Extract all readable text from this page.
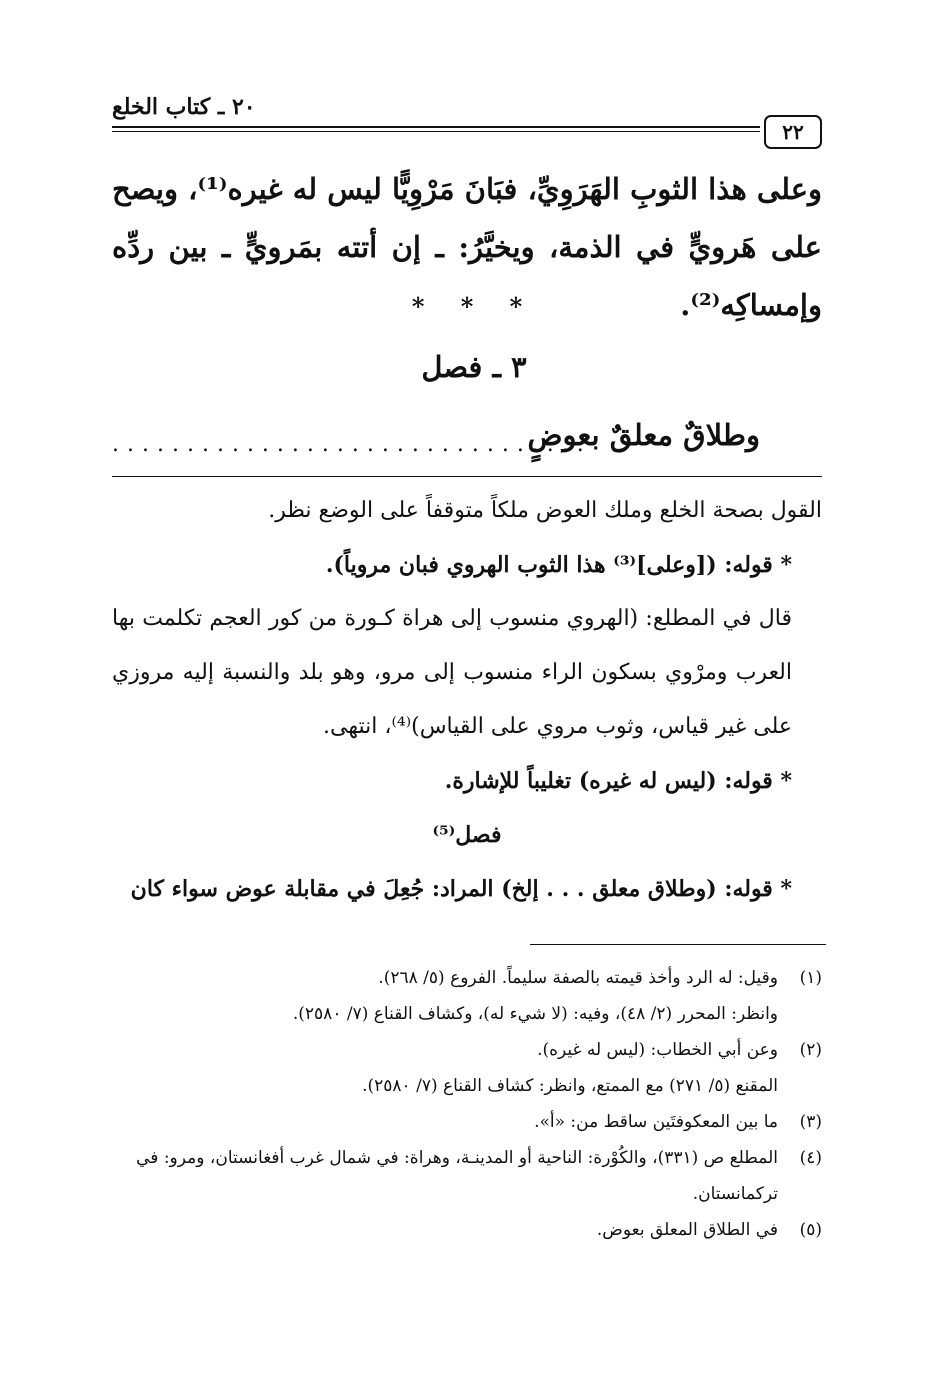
٢٠ ـ كتاب الخلع
٢٢
وعلى هذا الثوبِ الهَرَوِيِّ، فبَانَ مَرْوِيًّا ليس له غيره⁽¹⁾، ويصح على هَرويٍّ في الذمة، ويخيَّرُ: ـ إن أتته بمَرويٍّ ـ بين ردِّه وإمساكِه⁽²⁾.
* * *
٣ ـ فصل
وطلاقٌ معلقٌ بعوضٍ
................................

القول بصحة الخلع وملك العوض ملكاً متوقفاً على الوضع نظر.

* قوله: ([وعلى]⁽³⁾ هذا الثوب الهروي فبان مروياً).

قال في المطلع: (الهروي منسوب إلى هراة كـورة من كور العجم تكلمت بها العرب ومرْوي بسكون الراء منسوب إلى مرو، وهو بلد والنسبة إليه مروزي على غير قياس، وثوب مروي على القياس)⁽⁴⁾، انتهى.

* قوله: (ليس له غيره) تغليباً للإشارة.

فصل⁽⁵⁾

* قوله: (وطلاق معلق . . . إلخ) المراد: جُعِلَ في مقابلة عوض سواء كان

(١)
وقيل: له الرد وأخذ قيمته بالصفة سليماً. الفروع (٥/ ٢٦٨).
وانظر: المحرر (٢/ ٤٨)، وفيه: (لا شيء له)، وكشاف القناع (٧/ ٢٥٨٠).
(٢)
وعن أبي الخطاب: (ليس له غيره).
المقنع (٥/ ٢٧١) مع الممتع، وانظر: كشاف القناع (٧/ ٢٥٨٠).
(٣)
ما بين المعكوفتَين ساقط من: «أ».
(٤)
المطلع ص (٣٣١)، والكُوْرة: الناحية أو المدينـة، وهراة: في شمال غرب أفغانستان، ومرو: في تركمانستان.
(٥)
في الطلاق المعلق بعوض.
